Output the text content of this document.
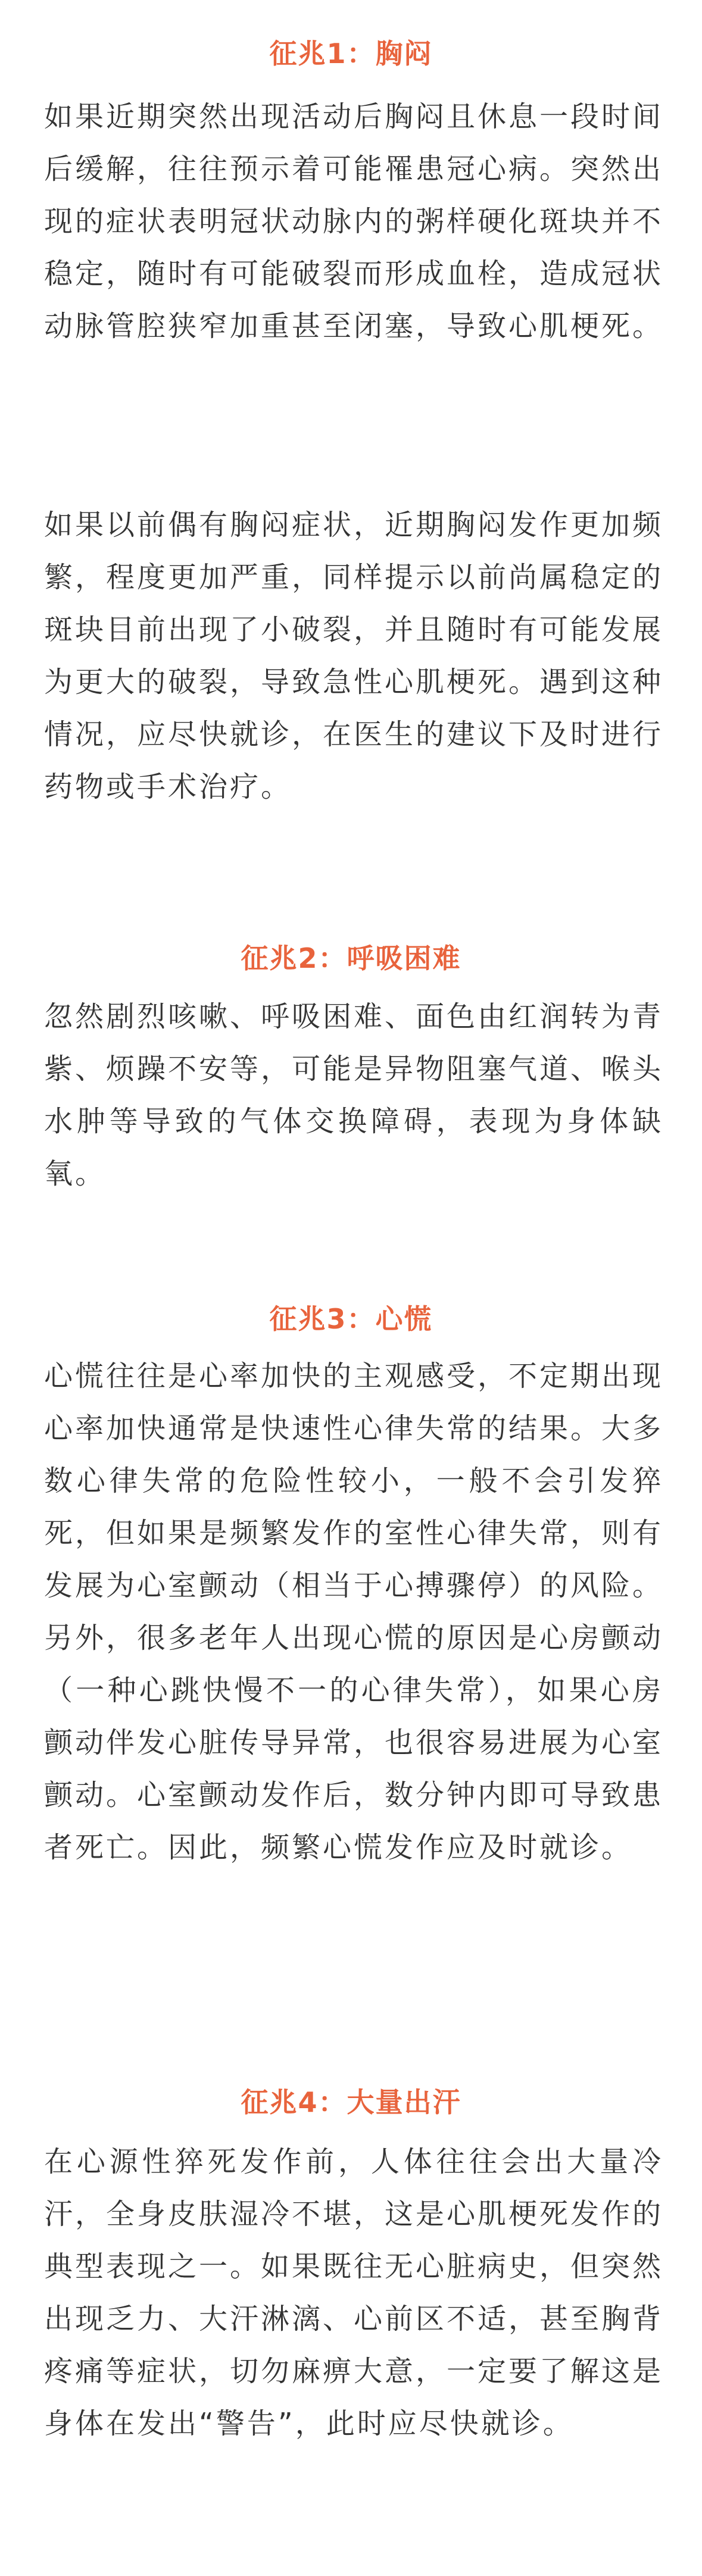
征兆1：胸闷

如果近期突然出现活动后胸闷且休息一段时间后缓解，往往预示着可能罹患冠心病。突然出现的症状表明冠状动脉内的粥样硬化斑块并不稳定，随时有可能破裂而形成血栓，造成冠状动脉管腔狭窄加重甚至闭塞，导致心肌梗死。

如果以前偶有胸闷症状，近期胸闷发作更加频繁，程度更加严重，同样提示以前尚属稳定的斑块目前出现了小破裂，并且随时有可能发展为更大的破裂，导致急性心肌梗死。遇到这种情况，应尽快就诊，在医生的建议下及时进行药物或手术治疗。

征兆2：呼吸困难

忽然剧烈咳嗽、呼吸困难、面色由红润转为青紫、烦躁不安等，可能是异物阻塞气道、喉头水肿等导致的气体交换障碍，表现为身体缺氧。

征兆3：心慌

心慌往往是心率加快的主观感受，不定期出现心率加快通常是快速性心律失常的结果。大多数心律失常的危险性较小，一般不会引发猝死，但如果是频繁发作的室性心律失常，则有发展为心室颤动（相当于心搏骤停）的风险。另外，很多老年人出现心慌的原因是心房颤动（一种心跳快慢不一的心律失常），如果心房颤动伴发心脏传导异常，也很容易进展为心室颤动。心室颤动发作后，数分钟内即可导致患者死亡。因此，频繁心慌发作应及时就诊。

征兆4：大量出汗

在心源性猝死发作前，人体往往会出大量冷汗，全身皮肤湿冷不堪，这是心肌梗死发作的典型表现之一。如果既往无心脏病史，但突然出现乏力、大汗淋漓、心前区不适，甚至胸背疼痛等症状，切勿麻痹大意，一定要了解这是身体在发出“警告”，此时应尽快就诊。
